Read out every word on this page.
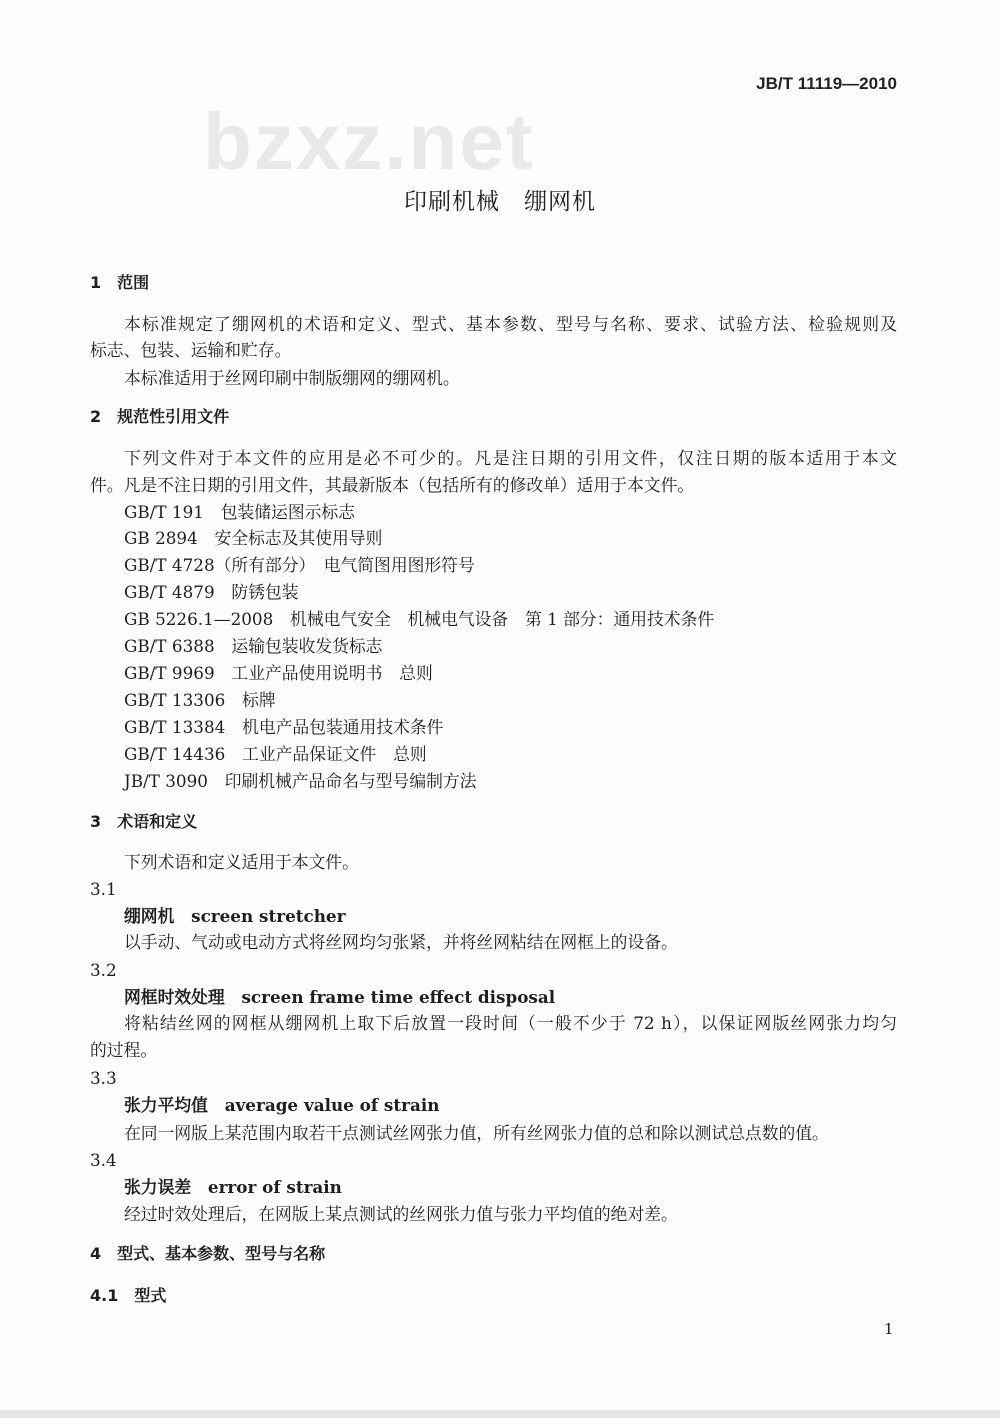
JB/T 11119—2010
bzxz.net
印刷机械　绷网机
1　范围
本标准规定了绷网机的术语和定义、型式、基本参数、型号与名称、要求、试验方法、检验规则及
标志、包装、运输和贮存。
本标准适用于丝网印刷中制版绷网的绷网机。
2　规范性引用文件
下列文件对于本文件的应用是必不可少的。凡是注日期的引用文件，仅注日期的版本适用于本文
件。凡是不注日期的引用文件，其最新版本（包括所有的修改单）适用于本文件。
GB/T 191　包装储运图示标志
GB 2894　安全标志及其使用导则
GB/T 4728（所有部分）　电气简图用图形符号
GB/T 4879　防锈包装
GB 5226.1—2008　机械电气安全　机械电气设备　第 1 部分：通用技术条件
GB/T 6388　运输包装收发货标志
GB/T 9969　工业产品使用说明书　总则
GB/T 13306　标牌
GB/T 13384　机电产品包装通用技术条件
GB/T 14436　工业产品保证文件　总则
JB/T 3090　印刷机械产品命名与型号编制方法
3　术语和定义
下列术语和定义适用于本文件。
3.1
绷网机　screen stretcher
以手动、气动或电动方式将丝网均匀张紧，并将丝网粘结在网框上的设备。
3.2
网框时效处理　screen frame time effect disposal
将粘结丝网的网框从绷网机上取下后放置一段时间（一般不少于 72 h），以保证网版丝网张力均匀
的过程。
3.3
张力平均值　average value of strain
在同一网版上某范围内取若干点测试丝网张力值，所有丝网张力值的总和除以测试总点数的值。
3.4
张力误差　error of strain
经过时效处理后，在网版上某点测试的丝网张力值与张力平均值的绝对差。
4　型式、基本参数、型号与名称
4.1　型式
1
